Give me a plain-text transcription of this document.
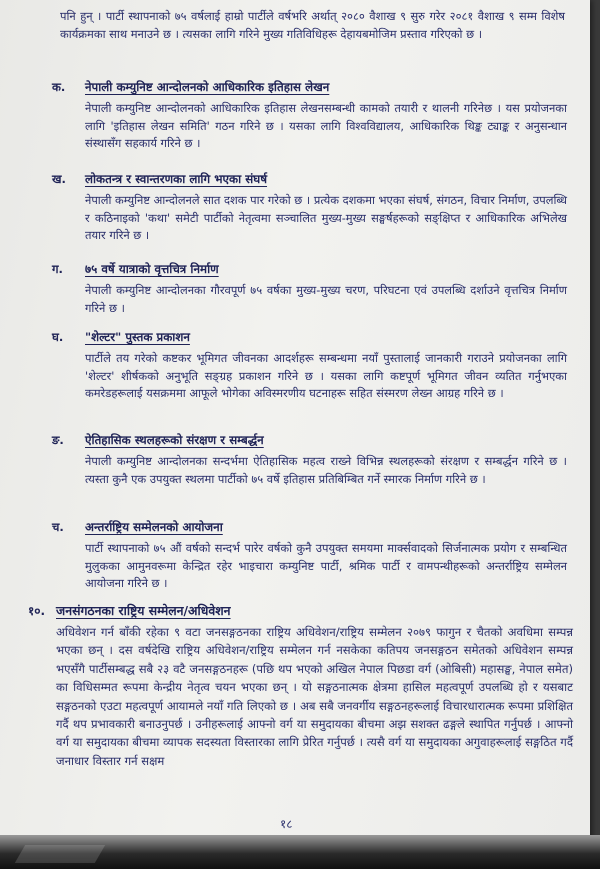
पनि हुन् । पार्टी स्थापनाको ७५ वर्षलाई हाम्रो पार्टीले वर्षभरि अर्थात् २०८० वैशाख ९ सुरु गरेर २०८१ वैशाख ९ सम्म विशेष कार्यक्रमका साथ मनाउने छ । त्यसका लागि गरिने मुख्य गतिविधिहरू देहायबमोजिम प्रस्ताव गरिएको छ ।

क.	नेपाली कम्युनिष्ट आन्दोलनको आधिकारिक इतिहास लेखन

नेपाली कम्युनिष्ट आन्दोलनको आधिकारिक इतिहास लेखनसम्बन्धी कामको तयारी र थालनी गरिनेछ । यस प्रयोजनका लागि 'इतिहास लेखन समिति' गठन गरिने छ । यसका लागि विश्वविद्यालय, आधिकारिक थिङ्क ट्याङ्क र अनुसन्धान संस्थासँग सहकार्य गरिने छ ।

ख.	लोकतन्त्र र स्वान्तरणका लागि भएका संघर्ष

नेपाली कम्युनिष्ट आन्दोलनले सात दशक पार गरेको छ । प्रत्येक दशकमा भएका संघर्ष, संगठन, विचार निर्माण, उपलब्धि र कठिनाइको 'कथा' समेटी पार्टीको नेतृत्वमा सञ्चालित मुख्य-मुख्य सङ्घर्षहरूको सङ्क्षिप्त र आधिकारिक अभिलेख तयार गरिने छ ।

ग.	७५ वर्षे यात्राको वृत्तचित्र निर्माण

नेपाली कम्युनिष्ट आन्दोलनका गौरवपूर्ण ७५ वर्षका मुख्य-मुख्य चरण, परिघटना एवं उपलब्धि दर्शाउने वृत्तचित्र निर्माण गरिने छ ।

घ.	"शेल्टर" पुस्तक प्रकाशन

पार्टीले तय गरेको कष्टकर भूमिगत जीवनका आदर्शहरू सम्बन्धमा नयाँ पुस्तालाई जानकारी गराउने प्रयोजनका लागि 'शेल्टर' शीर्षकको अनुभूति सङ्ग्रह प्रकाशन गरिने छ । यसका लागि कष्टपूर्ण भूमिगत जीवन व्यतित गर्नुभएका कमरेडहरूलाई यसक्रममा आफूले भोगेका अविस्मरणीय घटनाहरू सहित संस्मरण लेख्न आग्रह गरिने छ ।

ङ.	ऐतिहासिक स्थलहरूको संरक्षण र सम्बर्द्धन

नेपाली कम्युनिष्ट आन्दोलनका सन्दर्भमा ऐतिहासिक महत्व राख्ने विभिन्न स्थलहरूको संरक्षण र सम्बर्द्धन गरिने छ । त्यस्ता कुनै एक उपयुक्त स्थलमा पार्टीको ७५ वर्षे इतिहास प्रतिबिम्बित गर्ने स्मारक निर्माण गरिने छ ।

च.	अन्तर्राष्ट्रिय सम्मेलनको आयोजना

पार्टी स्थापनाको ७५ औं वर्षको सन्दर्भ पारेर वर्षको कुनै उपयुक्त समयमा मार्क्सवादको सिर्जनात्मक प्रयोग र सम्बन्धित मुलुकका आमुनवरूमा केन्द्रित रहेर भाइचारा कम्युनिष्ट पार्टी, श्रमिक पार्टी र वामपन्थीहरूको अन्तर्राष्ट्रिय सम्मेलन आयोजना गरिने छ ।

१०. जनसंगठनका राष्ट्रिय सम्मेलन/अधिवेशन

अधिवेशन गर्न बाँकी रहेका ९ वटा जनसङ्गठनका राष्ट्रिय अधिवेशन/राष्ट्रिय सम्मेलन २०७९ फागुन र चैतको अवधिमा सम्पन्न भएका छन् । दस वर्षदेखि राष्ट्रिय अधिवेशन/राष्ट्रिय सम्मेलन गर्न नसकेका कतिपय जनसङ्गठन समेतको अधिवेशन सम्पन्न भएसँगै पार्टीसम्बद्ध सबै २३ वटै जनसङ्गठनहरू (पछि थप भएको अखिल नेपाल पिछडा वर्ग (ओबिसी) महासङ्घ, नेपाल समेत) का विधिसम्मत रूपमा केन्द्रीय नेतृत्व चयन भएका छन् । यो सङ्गठनात्मक क्षेत्रमा हासिल महत्वपूर्ण उपलब्धि हो र यसबाट सङ्गठनको एउटा महत्वपूर्ण आयामले नयाँ गति लिएको छ । अब सबै जनवर्गीय सङ्गठनहरूलाई विचारधारात्मक रूपमा प्रशिक्षित गर्दै थप प्रभावकारी बनाउनुपर्छ । उनीहरूलाई आफ्नो वर्ग या समुदायका बीचमा अझ सशक्त ढङ्गले स्थापित गर्नुपर्छ । आफ्नो वर्ग या समुदायका बीचमा व्यापक सदस्यता विस्तारका लागि प्रेरित गर्नुपर्छ । त्यसै वर्ग या समुदायका अगुवाहरूलाई सङ्गठित गर्दै जनाधार विस्तार गर्न सक्षम

१८
